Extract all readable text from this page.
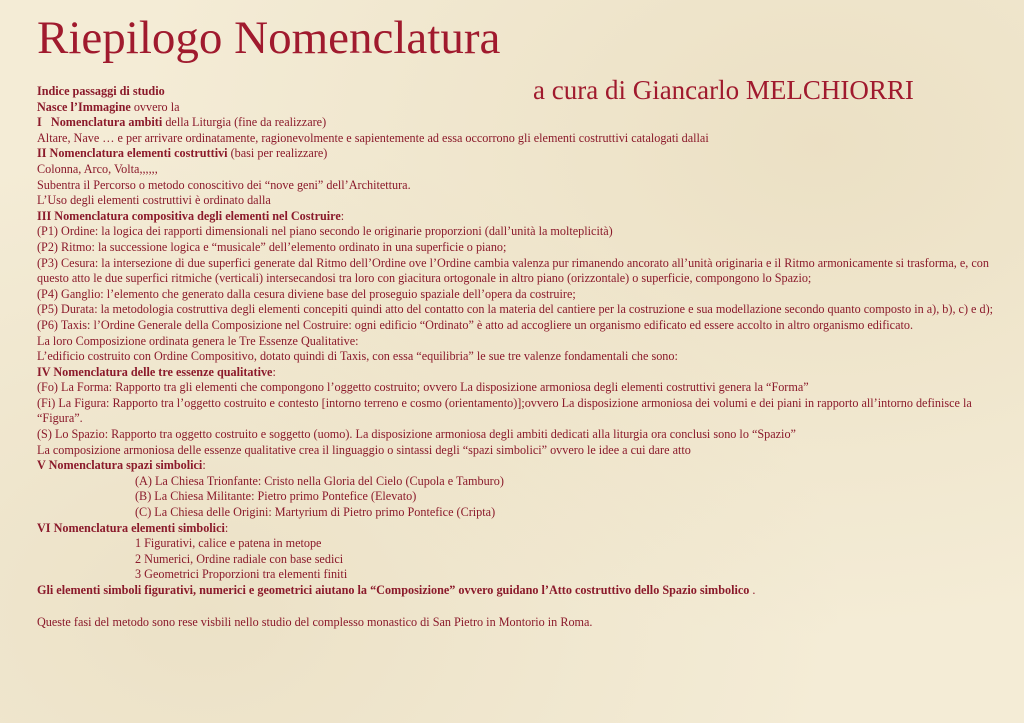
Riepilogo Nomenclatura
a cura di Giancarlo MELCHIORRI
Indice passaggi di studio
Nasce l’Immagine ovvero la
I Nomenclatura ambiti della Liturgia (fine da realizzare)
Altare, Nave … e per arrivare ordinatamente, ragionevolmente e sapientemente ad essa occorrono gli elementi costruttivi catalogati dallai
II Nomenclatura elementi costruttivi (basi per realizzare)
Colonna, Arco, Volta,,,,,,
Subentra il Percorso o metodo conoscitivo dei “nove geni” dell’Architettura.
L’Uso degli elementi costruttivi è ordinato dalla
III Nomenclatura compositiva degli elementi nel Costruire:
(P1) Ordine: la logica dei rapporti dimensionali nel piano secondo le originarie proporzioni (dall’unità la molteplicità)
(P2) Ritmo: la successione logica e “musicale” dell’elemento ordinato in una superficie o piano;
(P3) Cesura: la intersezione di due superfici generate dal Ritmo dell’Ordine ove l’Ordine cambia valenza pur rimanendo ancorato all’unità originaria e il Ritmo armonicamente si trasforma, e, con questo atto le due superfici ritmiche (verticali) intersecandosi tra loro con giacitura ortogonale in altro piano (orizzontale) o superficie, compongono lo Spazio;
(P4) Ganglio: l’elemento che generato dalla cesura diviene base del proseguio spaziale dell’opera da costruire;
(P5) Durata: la metodologia costruttiva degli elementi concepiti quindi atto del contatto con la materia del cantiere per la costruzione e sua modellazione secondo quanto composto in a), b), c) e d);
(P6) Taxis: l’Ordine Generale della Composizione nel Costruire: ogni edificio “Ordinato” è atto ad accogliere un organismo edificato ed essere accolto in altro organismo edificato.
La loro Composizione ordinata genera le Tre Essenze Qualitative:
L’edificio costruito con Ordine Compositivo, dotato quindi di Taxis, con essa “equilibria” le sue tre valenze fondamentali che sono:
IV Nomenclatura delle tre essenze qualitative:
(Fo) La Forma: Rapporto tra gli elementi che compongono l’oggetto costruito; ovvero La disposizione armoniosa degli elementi costruttivi genera la “Forma”
(Fi) La Figura: Rapporto tra l’oggetto costruito e contesto [intorno terreno e cosmo (orientamento)];ovvero La disposizione armoniosa dei volumi e dei piani in rapporto all’intorno definisce la “Figura”.
(S) Lo Spazio: Rapporto tra oggetto costruito e soggetto (uomo). La disposizione armoniosa degli ambiti dedicati alla liturgia ora conclusi sono lo “Spazio”
La composizione armoniosa delle essenze qualitative crea il linguaggio o sintassi degli “spazi simbolici” ovvero le idee a cui dare atto
V Nomenclatura spazi simbolici:
(A) La Chiesa Trionfante: Cristo nella Gloria del Cielo (Cupola e Tamburo)
(B) La Chiesa Militante: Pietro primo Pontefice (Elevato)
(C) La Chiesa delle Origini: Martyrium di Pietro primo Pontefice (Cripta)
VI Nomenclatura elementi simbolici:
1 Figurativi, calice e patena in metope
2 Numerici, Ordine radiale con base sedici
3 Geometrici Proporzioni tra elementi finiti
Gli elementi simboli figurativi, numerici e geometrici aiutano la “Composizione” ovvero guidano l’Atto costruttivo dello Spazio simbolico .
Queste fasi del metodo sono rese visbili nello studio del complesso monastico di San Pietro in Montorio in Roma.
